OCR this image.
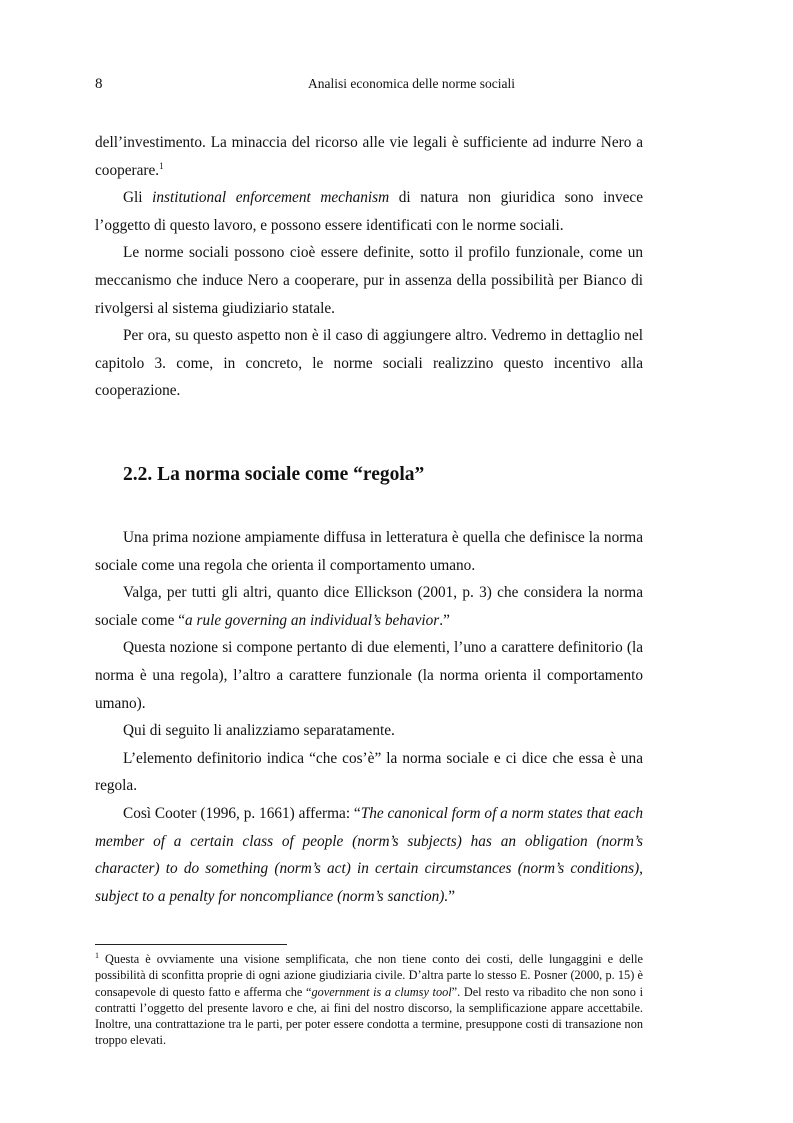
8	Analisi economica delle norme sociali

dell’investimento. La minaccia del ricorso alle vie legali è sufficiente ad indurre Nero a cooperare.$^1$

Gli institutional enforcement mechanism di natura non giuridica sono invece l’oggetto di questo lavoro, e possono essere identificati con le norme sociali.

Le norme sociali possono cioè essere definite, sotto il profilo funzionale, come un meccanismo che induce Nero a cooperare, pur in assenza della possibilità per Bianco di rivolgersi al sistema giudiziario statale.

Per ora, su questo aspetto non è il caso di aggiungere altro. Vedremo in dettaglio nel capitolo 3. come, in concreto, le norme sociali realizzino questo incentivo alla cooperazione.

2.2. La norma sociale come “regola”

Una prima nozione ampiamente diffusa in letteratura è quella che definisce la norma sociale come una regola che orienta il comportamento umano.

Valga, per tutti gli altri, quanto dice Ellickson (2001, p. 3) che considera la norma sociale come “a rule governing an individual’s behavior.”

Questa nozione si compone pertanto di due elementi, l’uno a carattere definitorio (la norma è una regola), l’altro a carattere funzionale (la norma orienta il comportamento umano).

Qui di seguito li analizziamo separatamente.

L’elemento definitorio indica “che cos’è” la norma sociale e ci dice che essa è una regola.

Così Cooter (1996, p. 1661) afferma: “The canonical form of a norm states that each member of a certain class of people (norm’s subjects) has an obligation (norm’s character) to do something (norm’s act) in certain circumstances (norm’s conditions), subject to a penalty for noncompliance (norm’s sanction).”

$^1$ Questa è ovviamente una visione semplificata, che non tiene conto dei costi, delle lungaggini e delle possibilità di sconfitta proprie di ogni azione giudiziaria civile. D’altra parte lo stesso E. Posner (2000, p. 15) è consapevole di questo fatto e afferma che “government is a clumsy tool”. Del resto va ribadito che non sono i contratti l’oggetto del presente lavoro e che, ai fini del nostro discorso, la semplificazione appare accettabile. Inoltre, una contrattazione tra le parti, per poter essere condotta a termine, presuppone costi di transazione non troppo elevati.
